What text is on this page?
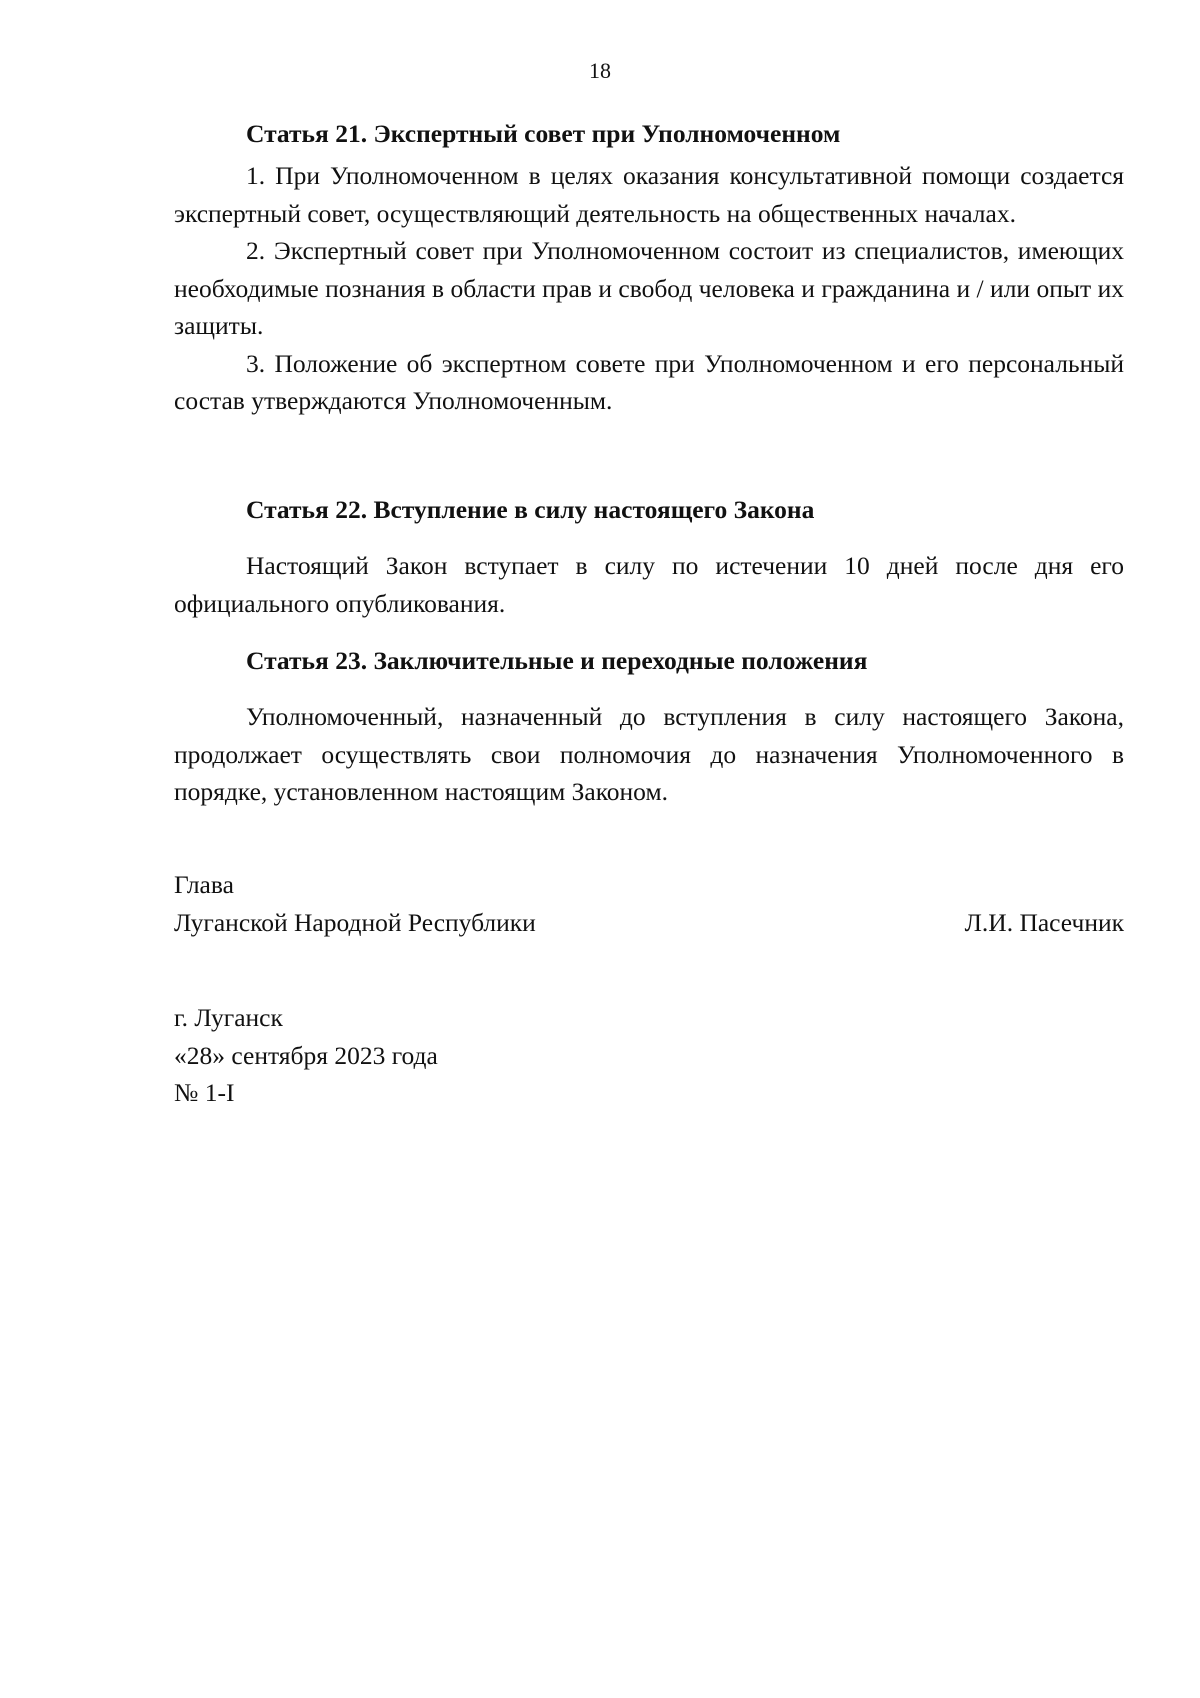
18
Статья 21. Экспертный совет при Уполномоченном

1. При Уполномоченном в целях оказания консультативной помощи создается экспертный совет, осуществляющий деятельность на общественных началах.

2. Экспертный совет при Уполномоченном состоит из специалистов, имеющих необходимые познания в области прав и свобод человека и гражданина и / или опыт их защиты.

3. Положение об экспертном совете при Уполномоченном и его персональный состав утверждаются Уполномоченным.

Статья 22. Вступление в силу настоящего Закона

Настоящий Закон вступает в силу по истечении 10 дней после дня его официального опубликования.

Статья 23. Заключительные и переходные положения

Уполномоченный, назначенный до вступления в силу настоящего Закона, продолжает осуществлять свои полномочия до назначения Уполномоченного в порядке, установленном настоящим Законом.

Глава
Луганской Народной Республики	Л.И. Пасечник
г. Луганск
«28» сентября 2023 года
№ 1-I
